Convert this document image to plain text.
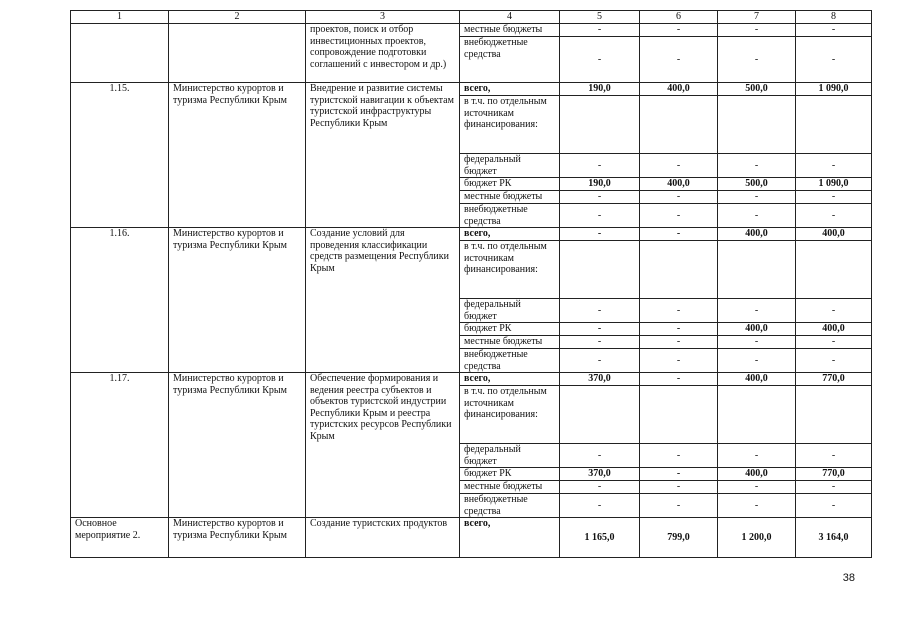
1	2	3	4	5	6	7	8
		проектов, поиск и отбор инвестиционных проектов, сопровождение подготовки соглашений с инвестором и др.)	местные бюджеты	-	-	-	-
			внебюджетные средства	-	-	-	-
1.15.	Министерство курортов и туризма Республики Крым	Внедрение и развитие системы туристской навигации к объектам туристской инфраструктуры Республики Крым	всего,	190,0	400,0	500,0	1 090,0
			в т.ч. по отдельным источникам финансирования:				
			федеральный бюджет	-	-	-	-
			бюджет РК	190,0	400,0	500,0	1 090,0
			местные бюджеты	-	-	-	-
			внебюджетные средства	-	-	-	-
1.16.	Министерство курортов и туризма Республики Крым	Создание условий для проведения классификации средств размещения Республики Крым	всего,	-	-	400,0	400,0
			в т.ч. по отдельным источникам финансирования:				
			федеральный бюджет	-	-	-	-
			бюджет РК	-	-	400,0	400,0
			местные бюджеты	-	-	-	-
			внебюджетные средства	-	-	-	-
1.17.	Министерство курортов и туризма Республики Крым	Обеспечение формирования и ведения реестра субъектов и объектов туристской индустрии Республики Крым и реестра туристских ресурсов Республики Крым	всего,	370,0	-	400,0	770,0
			в т.ч. по отдельным источникам финансирования:				
			федеральный бюджет	-	-	-	-
			бюджет РК	370,0	-	400,0	770,0
			местные бюджеты	-	-	-	-
			внебюджетные средства	-	-	-	-
Основное мероприятие 2.	Министерство курортов и туризма Республики Крым	Создание туристских продуктов	всего,	1 165,0	799,0	1 200,0	3 164,0
38
